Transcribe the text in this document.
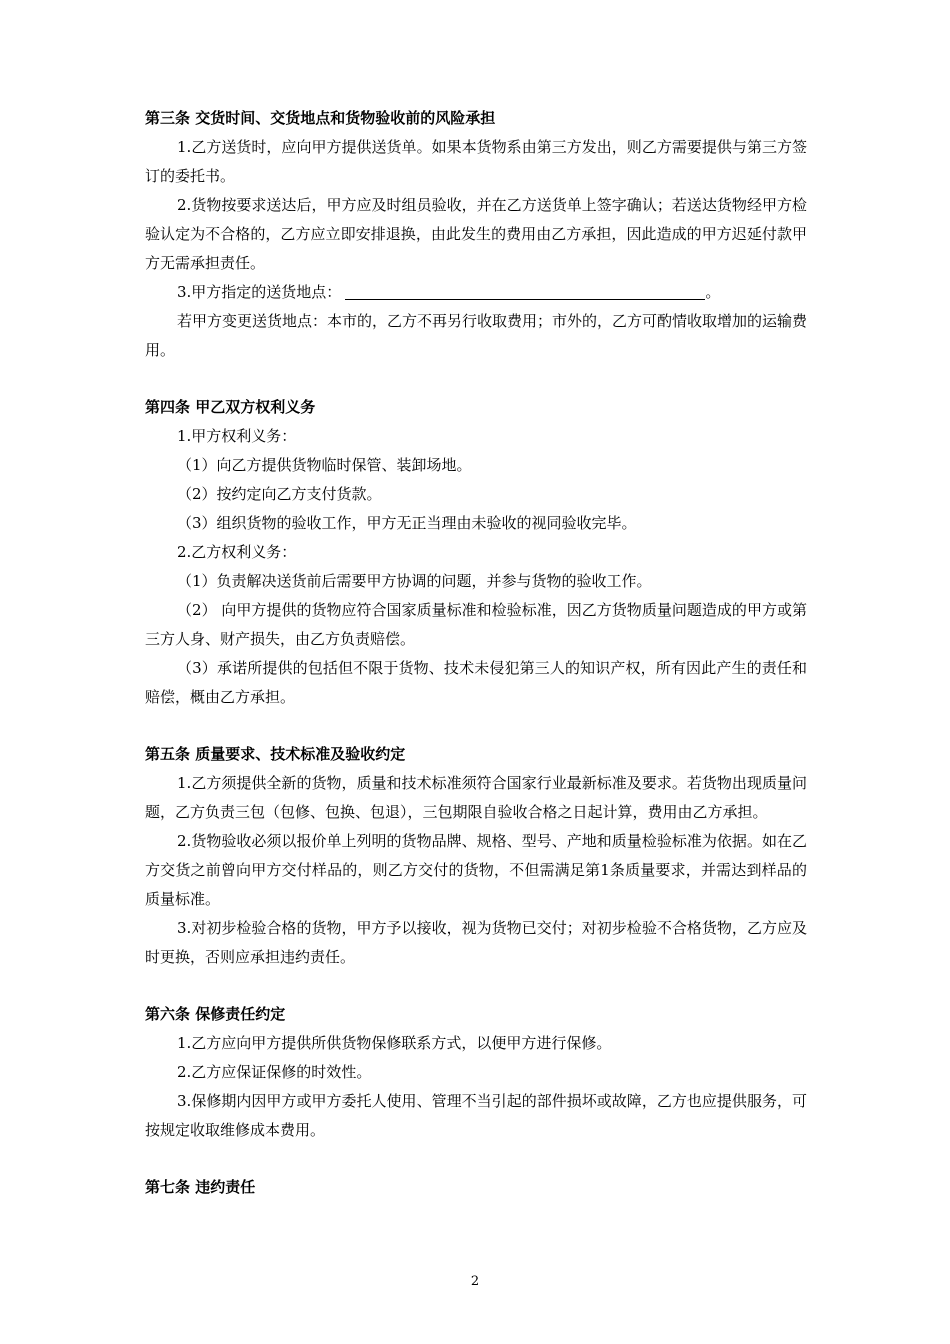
第三条 交货时间、交货地点和货物验收前的风险承担
1.乙方送货时，应向甲方提供送货单。如果本货物系由第三方发出，则乙方需要提供与第三方签订的委托书。
2.货物按要求送达后，甲方应及时组员验收，并在乙方送货单上签字确认；若送达货物经甲方检验认定为不合格的，乙方应立即安排退换，由此发生的费用由乙方承担，因此造成的甲方迟延付款甲方无需承担责任。
3.甲方指定的送货地点：	。
若甲方变更送货地点：本市的，乙方不再另行收取费用；市外的，乙方可酌情收取增加的运输费用。
第四条 甲乙双方权利义务
1.甲方权利义务：
（1）向乙方提供货物临时保管、装卸场地。
（2）按约定向乙方支付货款。
（3）组织货物的验收工作，甲方无正当理由未验收的视同验收完毕。
2.乙方权利义务：
（1）负责解决送货前后需要甲方协调的问题，并参与货物的验收工作。
（2） 向甲方提供的货物应符合国家质量标准和检验标准，因乙方货物质量问题造成的甲方或第三方人身、财产损失，由乙方负责赔偿。
（3）承诺所提供的包括但不限于货物、技术未侵犯第三人的知识产权，所有因此产生的责任和赔偿，概由乙方承担。
第五条 质量要求、技术标准及验收约定
1.乙方须提供全新的货物，质量和技术标准须符合国家行业最新标准及要求。若货物出现质量问题，乙方负责三包（包修、包换、包退），三包期限自验收合格之日起计算，费用由乙方承担。
2.货物验收必须以报价单上列明的货物品牌、规格、型号、产地和质量检验标准为依据。如在乙方交货之前曾向甲方交付样品的，则乙方交付的货物，不但需满足第1条质量要求，并需达到样品的质量标准。
3.对初步检验合格的货物，甲方予以接收，视为货物已交付；对初步检验不合格货物，乙方应及时更换，否则应承担违约责任。
第六条 保修责任约定
1.乙方应向甲方提供所供货物保修联系方式，以便甲方进行保修。
2.乙方应保证保修的时效性。
3.保修期内因甲方或甲方委托人使用、管理不当引起的部件损坏或故障，乙方也应提供服务，可按规定收取维修成本费用。
第七条 违约责任
2
